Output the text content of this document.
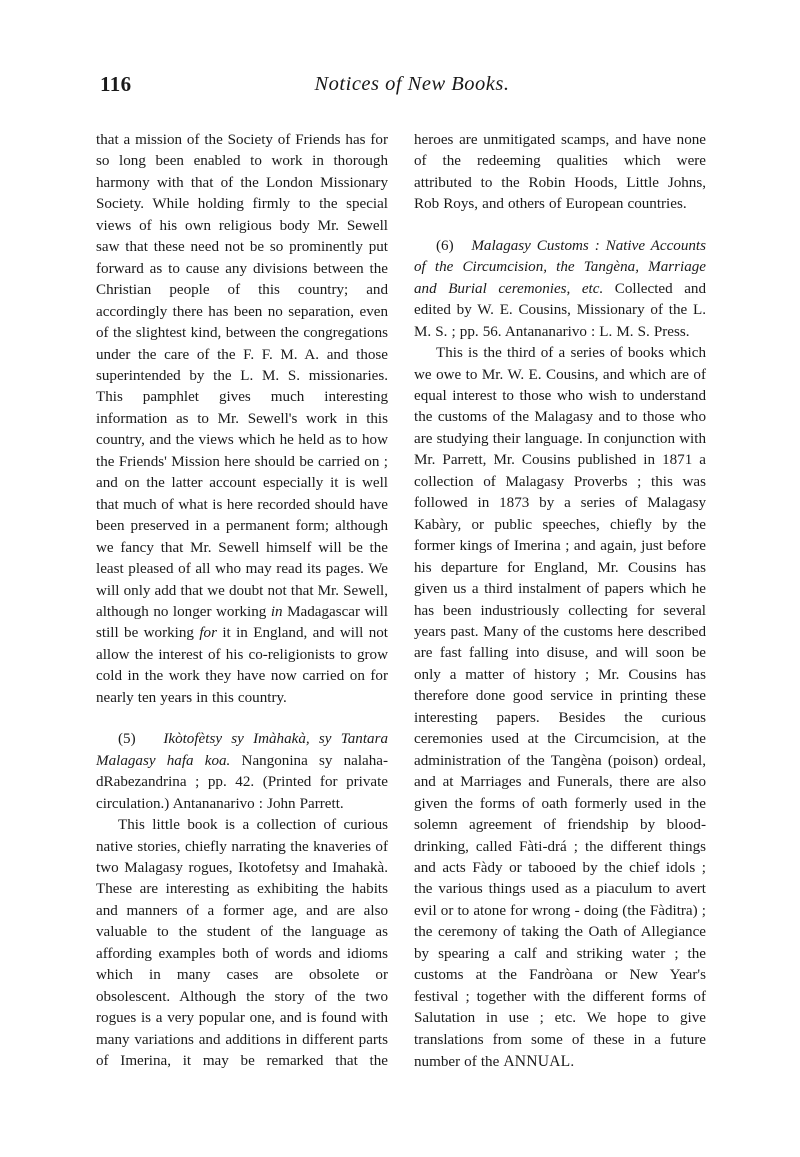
116	Notices of New Books.

that a mission of the Society of Friends has for so long been enabled to work in thorough harmony with that of the London Missionary Society. While holding firmly to the special views of his own religious body Mr. Sewell saw that these need not be so prominently put forward as to cause any divisions between the Christian people of this country; and accordingly there has been no separation, even of the slightest kind, between the congregations under the care of the F. F. M. A. and those superintended by the L. M. S. missionaries. This pamphlet gives much interesting information as to Mr. Sewell's work in this country, and the views which he held as to how the Friends' Mission here should be carried on ; and on the latter account especially it is well that much of what is here recorded should have been preserved in a permanent form; although we fancy that Mr. Sewell himself will be the least pleased of all who may read its pages. We will only add that we doubt not that Mr. Sewell, although no longer working in Madagascar will still be working for it in England, and will not allow the interest of his co-religionists to grow cold in the work they have now carried on for nearly ten years in this country.

(5) Ikòtofètsy sy Imàhakà, sy Tantara Malagasy hafa koa. Nangonina sy nalaha-dRabezandrina ; pp. 42. (Printed for private circulation.) Antananarivo : John Parrett.

This little book is a collection of curious native stories, chiefly narrating the knaveries of two Malagasy rogues, Ikotofetsy and Imahakà. These are interesting as exhibiting the habits and manners of a former age, and are also valuable to the student of the language as affording examples both of words and idioms which in many cases are obsolete or obsolescent. Although the story of the two rogues is a very popular one, and is found with many variations and additions in different parts of Imerina, it may be remarked that the

heroes are unmitigated scamps, and have none of the redeeming qualities which were attributed to the Robin Hoods, Little Johns, Rob Roys, and others of European countries.

(6) Malagasy Customs : Native Accounts of the Circumcision, the Tangèna, Marriage and Burial ceremonies, etc. Collected and edited by W. E. Cousins, Missionary of the L. M. S. ; pp. 56. Antananarivo : L. M. S. Press.

This is the third of a series of books which we owe to Mr. W. E. Cousins, and which are of equal interest to those who wish to understand the customs of the Malagasy and to those who are studying their language. In conjunction with Mr. Parrett, Mr. Cousins published in 1871 a collection of Malagasy Proverbs ; this was followed in 1873 by a series of Malagasy Kabàry, or public speeches, chiefly by the former kings of Imerina ; and again, just before his departure for England, Mr. Cousins has given us a third instalment of papers which he has been industriously collecting for several years past. Many of the customs here described are fast falling into disuse, and will soon be only a matter of history ; Mr. Cousins has therefore done good service in printing these interesting papers. Besides the curious ceremonies used at the Circumcision, at the administration of the Tangèna (poison) ordeal, and at Marriages and Funerals, there are also given the forms of oath formerly used in the solemn agreement of friendship by blood-drinking, called Fàti-drá ; the different things and acts Fàdy or tabooed by the chief idols ; the various things used as a piaculum to avert evil or to atone for wrong - doing (the Fàditra) ; the ceremony of taking the Oath of Allegiance by spearing a calf and striking water ; the customs at the Fandròana or New Year's festival ; together with the different forms of Salutation in use ; etc. We hope to give translations from some of these in a future number of the ANNUAL.
